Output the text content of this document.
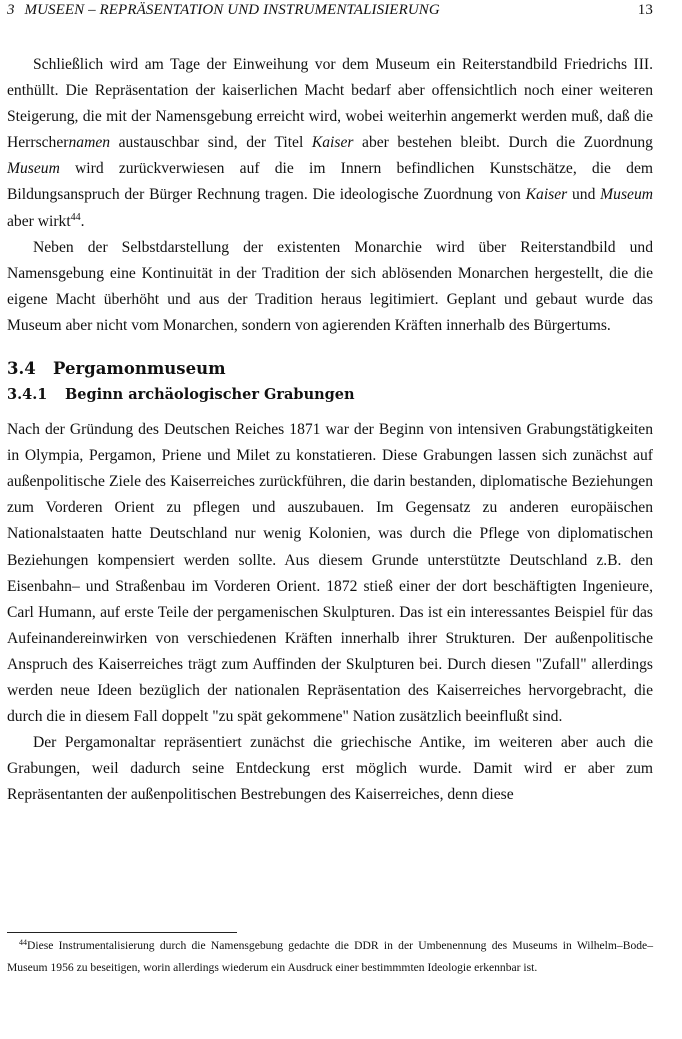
3 MUSEEN – REPRÄSENTATION UND INSTRUMENTALISIERUNG	13

Schließlich wird am Tage der Einweihung vor dem Museum ein Reiterstandbild Friedrichs III. enthüllt. Die Repräsentation der kaiserlichen Macht bedarf aber offensichtlich noch einer weiteren Steigerung, die mit der Namensgebung erreicht wird, wobei weiterhin angemerkt werden muß, daß die Herrschernamen austauschbar sind, der Titel Kaiser aber bestehen bleibt. Durch die Zuordnung Museum wird zurückverwiesen auf die im Innern befindlichen Kunstschätze, die dem Bildungsanspruch der Bürger Rechnung tragen. Die ideologische Zuordnung von Kaiser und Museum aber wirkt$^{44}$.

Neben der Selbstdarstellung der existenten Monarchie wird über Reiterstandbild und Namensgebung eine Kontinuität in der Tradition der sich ablösenden Monarchen hergestellt, die die eigene Macht überhöht und aus der Tradition heraus legitimiert. Geplant und gebaut wurde das Museum aber nicht vom Monarchen, sondern von agierenden Kräften innerhalb des Bürgertums.

3.4 Pergamonmuseum
3.4.1 Beginn archäologischer Grabungen

Nach der Gründung des Deutschen Reiches 1871 war der Beginn von intensiven Grabungstätigkeiten in Olympia, Pergamon, Priene und Milet zu konstatieren. Diese Grabungen lassen sich zunächst auf außenpolitische Ziele des Kaiserreiches zurückführen, die darin bestanden, diplomatische Beziehungen zum Vorderen Orient zu pflegen und auszubauen. Im Gegensatz zu anderen europäischen Nationalstaaten hatte Deutschland nur wenig Kolonien, was durch die Pflege von diplomatischen Beziehungen kompensiert werden sollte. Aus diesem Grunde unterstützte Deutschland z.B. den Eisenbahn– und Straßenbau im Vorderen Orient. 1872 stieß einer der dort beschäftigten Ingenieure, Carl Humann, auf erste Teile der pergamenischen Skulpturen. Das ist ein interessantes Beispiel für das Aufeinandereinwirken von verschiedenen Kräften innerhalb ihrer Strukturen. Der außenpolitische Anspruch des Kaiserreiches trägt zum Auffinden der Skulpturen bei. Durch diesen "Zufall" allerdings werden neue Ideen bezüglich der nationalen Repräsentation des Kaiserreiches hervorgebracht, die durch die in diesem Fall doppelt "zu spät gekommene" Nation zusätzlich beeinflußt sind.

Der Pergamonaltar repräsentiert zunächst die griechische Antike, im weiteren aber auch die Grabungen, weil dadurch seine Entdeckung erst möglich wurde. Damit wird er aber zum Repräsentanten der außenpolitischen Bestrebungen des Kaiserreiches, denn diese

$^{44}$Diese Instrumentalisierung durch die Namensgebung gedachte die DDR in der Umbenennung des Museums in Wilhelm–Bode–Museum 1956 zu beseitigen, worin allerdings wiederum ein Ausdruck einer bestimmmten Ideologie erkennbar ist.
